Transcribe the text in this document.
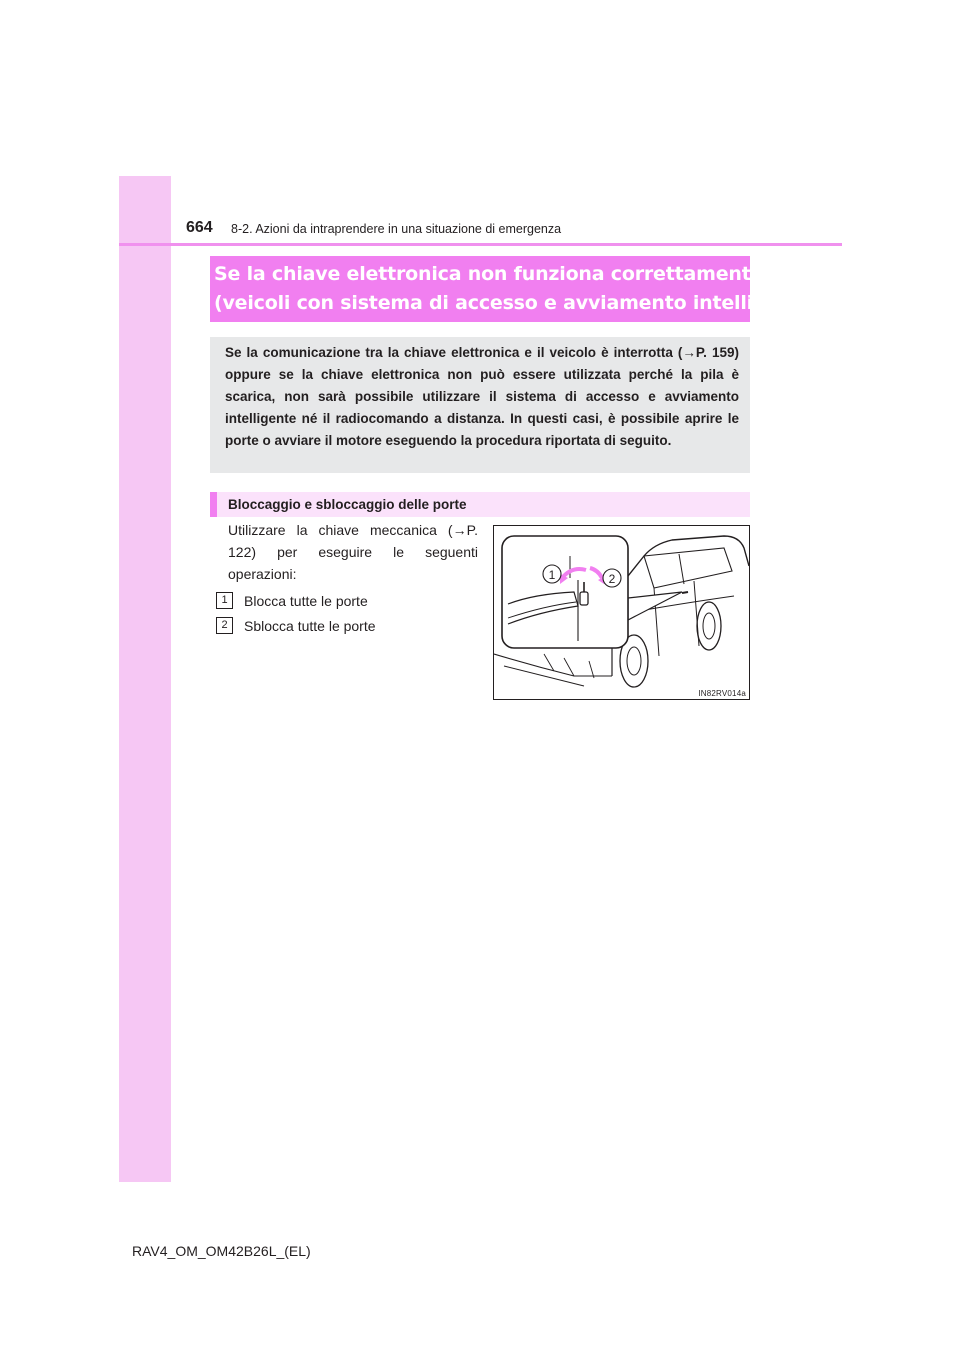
664 8-2. Azioni da intraprendere in una situazione di emergenza
Se la chiave elettronica non funziona correttamente
(veicoli con sistema di accesso e avviamento intelligente)

Se la comunicazione tra la chiave elettronica e il veicolo è interrotta (→P. 159) oppure se la chiave elettronica non può essere utilizzata perché la pila è scarica, non sarà possibile utilizzare il sistema di accesso e avviamento intelligente né il radiocomando a distanza. In questi casi, è possibile aprire le porte o avviare il motore eseguendo la procedura riportata di seguito.

Bloccaggio e sbloccaggio delle porte

Utilizzare la chiave meccanica (→P. 122) per eseguire le seguenti operazioni:

1	Blocca tutte le porte
2	Sblocca tutte le porte
1	2
IN82RV014a
RAV4_OM_OM42B26L_(EL)
